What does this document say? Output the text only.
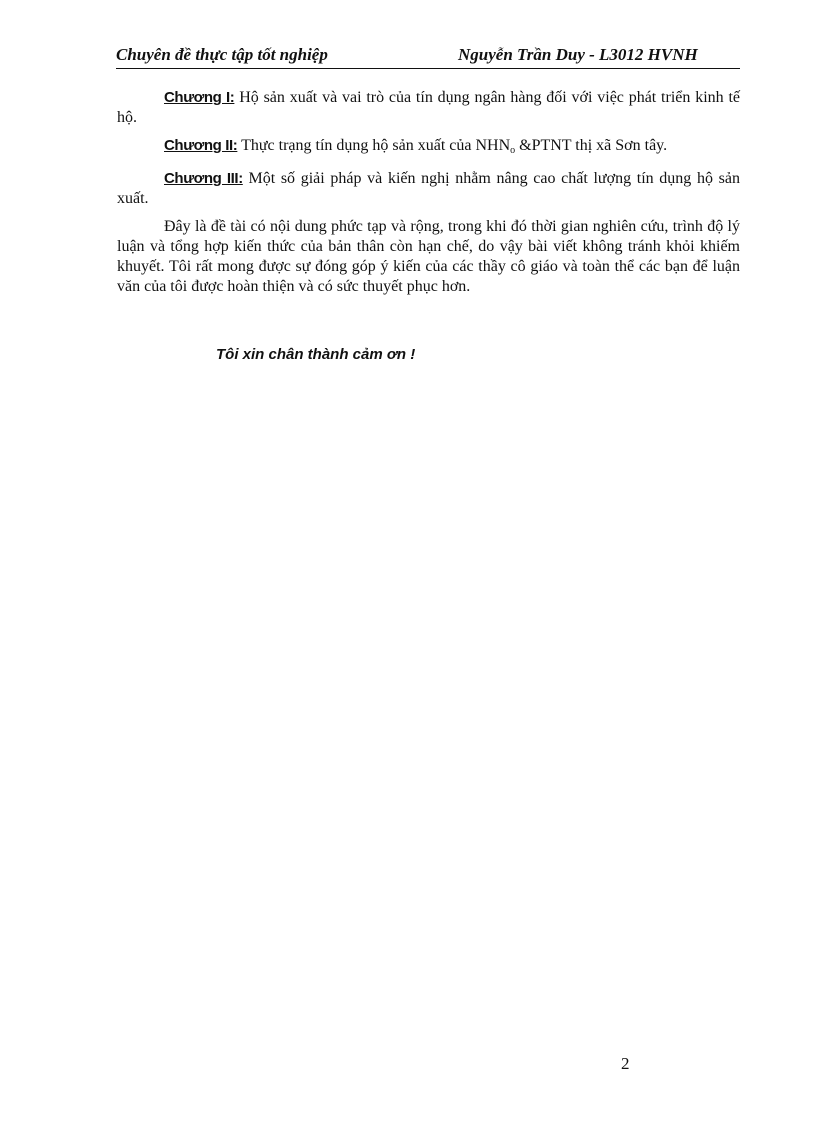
Chuyên đề thực tập tốt nghiệp	Nguyễn Trần Duy - L3012 HVNH

Chương I: Hộ sản xuất và vai trò của tín dụng ngân hàng đối với việc phát triển kinh tế hộ.

Chương II: Thực trạng tín dụng hộ sản xuất của $NHN_o$ &PTNT thị xã Sơn tây.

Chương III: Một số giải pháp và kiến nghị nhằm nâng cao chất lượng tín dụng hộ sản xuất.

Đây là đề tài có nội dung phức tạp và rộng, trong khi đó thời gian nghiên cứu, trình độ lý luận và tổng hợp kiến thức của bản thân còn hạn chế, do vậy bài viết không tránh khỏi khiếm khuyết. Tôi rất mong được sự đóng góp ý kiến của các thầy cô giáo và toàn thể các bạn để luận văn của tôi được hoàn thiện và có sức thuyết phục hơn.

Tôi xin chân thành cảm ơn !
2
